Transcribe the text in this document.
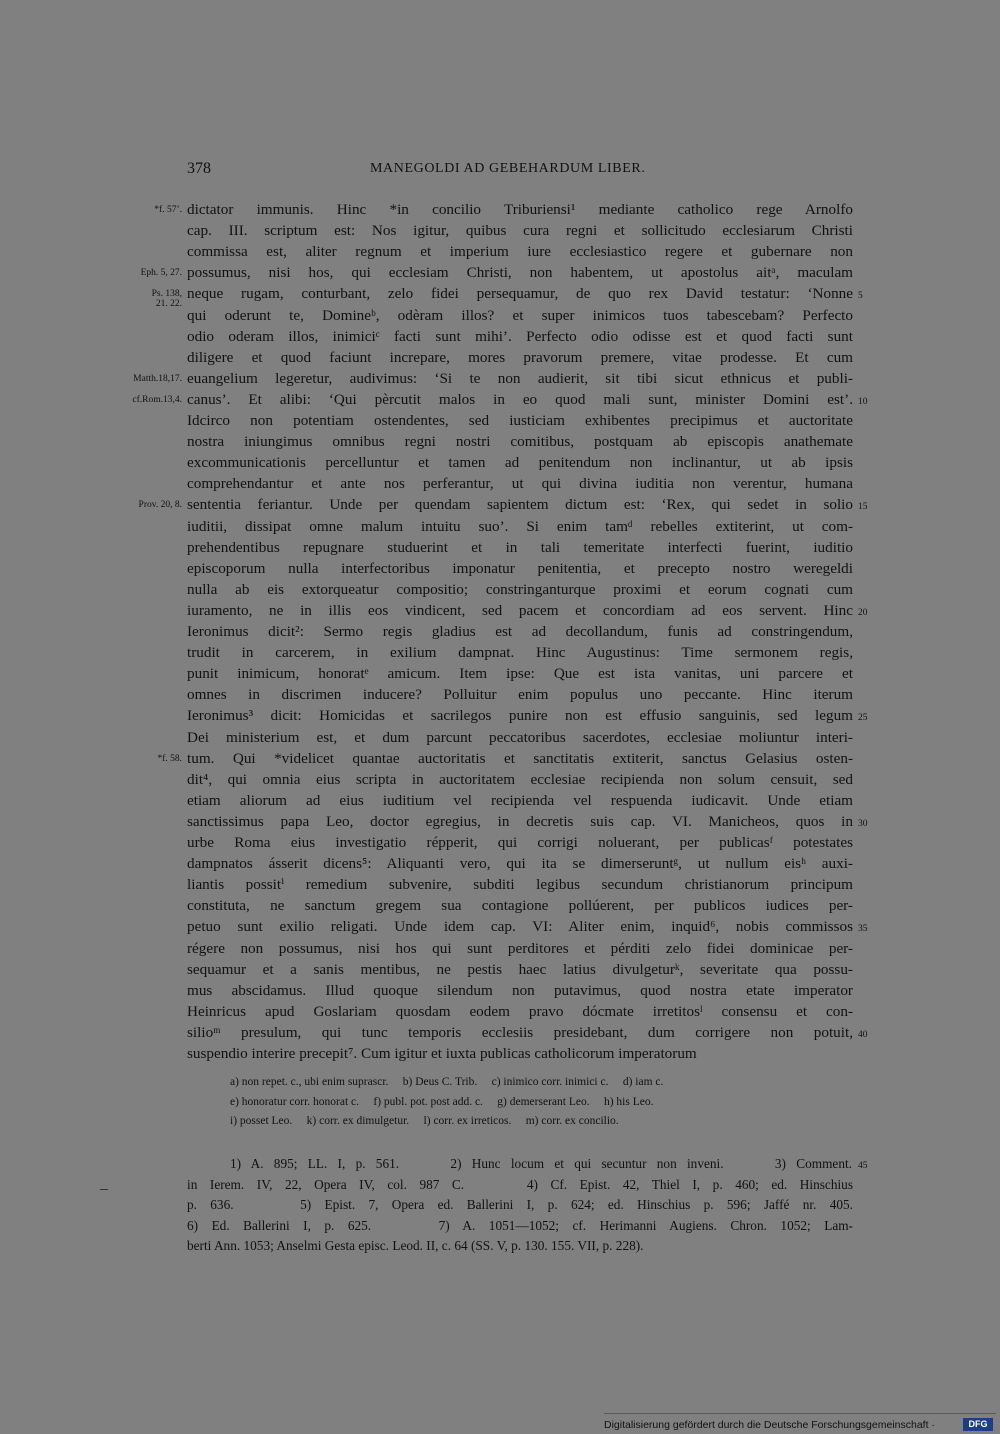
378	MANEGOLDI AD GEBEHARDUM LIBER.
dictator immunis. Hinc *in concilio Triburiensi¹ mediante catholico rege Arnolfo
cap. III. scriptum est: Nos igitur, quibus cura regni et sollicitudo ecclesiarum Christi
commissa est, aliter regnum et imperium iure ecclesiastico regere et gubernare non
possumus, nisi hos, qui ecclesiam Christi, non habentem, ut apostolus aitᵃ, maculam
neque rugam, conturbant, zelo fidei persequamur, de quo rex David testatur: ‘Nonne
qui oderunt te, Domineᵇ, odèram illos? et super inimicos tuos tabescebam? Perfecto
odio oderam illos, inimiciᶜ facti sunt mihi’. Perfecto odio odisse est et quod facti sunt
diligere et quod faciunt increpare, mores pravorum premere, vitae prodesse. Et cum
euangelium legeretur, audivimus: ‘Si te non audierit, sit tibi sicut ethnicus et publi-
canus’. Et alibi: ‘Qui pèrcutit malos in eo quod mali sunt, minister Domini est’.
Idcirco non potentiam ostendentes, sed iusticiam exhibentes precipimus et auctoritate
nostra iniungimus omnibus regni nostri comitibus, postquam ab episcopis anathemate
excommunicationis percelluntur et tamen ad penitendum non inclinantur, ut ab ipsis
comprehendantur et ante nos perferantur, ut qui divina iuditia non verentur, humana
sententia feriantur. Unde per quendam sapientem dictum est: ‘Rex, qui sedet in solio
iuditii, dissipat omne malum intuitu suo’. Si enim tamᵈ rebelles extiterint, ut com-
prehendentibus repugnare studuerint et in tali temeritate interfecti fuerint, iuditio
episcoporum nulla interfectoribus imponatur penitentia, et precepto nostro weregeldi
nulla ab eis extorqueatur compositio; constringanturque proximi et eorum cognati cum
iuramento, ne in illis eos vindicent, sed pacem et concordiam ad eos servent. Hinc
Ieronimus dicit²: Sermo regis gladius est ad decollandum, funis ad constringendum,
trudit in carcerem, in exilium dampnat. Hinc Augustinus: Time sermonem regis,
punit inimicum, honoratᵉ amicum. Item ipse: Que est ista vanitas, uni parcere et
omnes in discrimen inducere? Polluitur enim populus uno peccante. Hinc iterum
Ieronimus³ dicit: Homicidas et sacrilegos punire non est effusio sanguinis, sed legum
Dei ministerium est, et dum parcunt peccatoribus sacerdotes, ecclesiae moliuntur interi-
tum. Qui *videlicet quantae auctoritatis et sanctitatis extiterit, sanctus Gelasius osten-
dit⁴, qui omnia eius scripta in auctoritatem ecclesiae recipienda non solum censuit, sed
etiam aliorum ad eius iuditium vel recipienda vel respuenda iudicavit. Unde etiam
sanctissimus papa Leo, doctor egregius, in decretis suis cap. VI. Manicheos, quos in
urbe Roma eius investigatio répperit, qui corrigi noluerant, per publicasᶠ potestates
dampnatos ásserit dicens⁵: Aliquanti vero, qui ita se dimerseruntᵍ, ut nullum eisʰ auxi-
liantis possitⁱ remedium subvenire, subditi legibus secundum christianorum principum
constituta, ne sanctum gregem sua contagione pollúerent, per publicos iudices per-
petuo sunt exilio religati. Unde idem cap. VI: Aliter enim, inquid⁶, nobis commissos
régere non possumus, nisi hos qui sunt perditores et pérditi zelo fidei dominicae per-
sequamur et a sanis mentibus, ne pestis haec latius divulgeturᵏ, severitate qua possu-
mus abscidamus. Illud quoque silendum non putavimus, quod nostra etate imperator
Heinricus apud Goslariam quosdam eodem pravo dócmate irretitosˡ consensu et con-
silioᵐ presulum, qui tunc temporis ecclesiis presidebant, dum corrigere non potuit,
suspendio interire precepit⁷. Cum igitur et iuxta publicas catholicorum imperatorum
*f. 57’.
Eph. 5, 27.
Ps. 138,
21. 22.
Matth.18,17.
cf.Rom.13,4.
Prov. 20, 8.
*f. 58.
5
10
15
20
25
30
35
40
a) non repet. c., ubi enim suprascr.     b) Deus C. Trib.     c) inimico corr. inimici c.     d) iam c.
e) honoratur corr. honorat c.     f) publ. pot. post add. c.     g) demerserant Leo.     h) his Leo.
i) posset Leo.     k) corr. ex dimulgetur.     l) corr. ex irreticos.     m) corr. ex concilio.
1) A. 895; LL. I, p. 561.     2) Hunc locum et qui secuntur non inveni.     3) Comment.
in Ierem. IV, 22, Opera IV, col. 987 C.     4) Cf. Epist. 42, Thiel I, p. 460; ed. Hinschius
p. 636.     5) Epist. 7, Opera ed. Ballerini I, p. 624; ed. Hinschius p. 596; Jaffé nr. 405.
6) Ed. Ballerini I, p. 625.     7) A. 1051—1052; cf. Herimanni Augiens. Chron. 1052; Lam-
berti Ann. 1053; Anselmi Gesta episc. Leod. II, c. 64 (SS. V, p. 130. 155. VII, p. 228).
45
Digitalisierung gefördert durch die Deutsche Forschungsgemeinschaft ·	DFG
